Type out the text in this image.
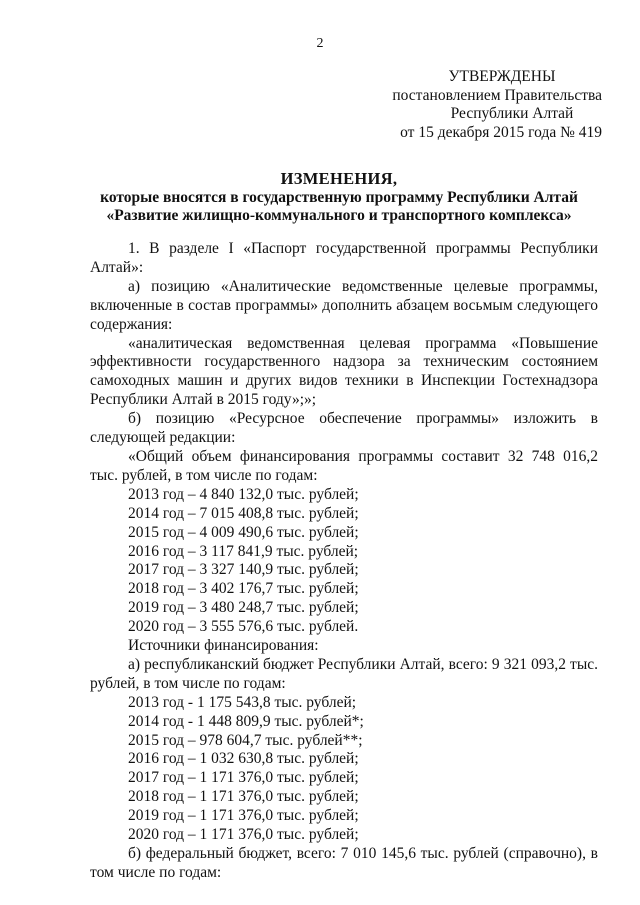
2
УТВЕРЖДЕНЫ
постановлением Правительства
Республики Алтай
от 15 декабря 2015 года № 419
ИЗМЕНЕНИЯ,
которые вносятся в государственную программу Республики Алтай
«Развитие жилищно-коммунального и транспортного комплекса»

1. В разделе I «Паспорт государственной программы Республики Алтай»:

а) позицию «Аналитические ведомственные целевые программы, включенные в состав программы» дополнить абзацем восьмым следующего содержания:

«аналитическая ведомственная целевая программа «Повышение эффективности государственного надзора за техническим состоянием самоходных машин и других видов техники в Инспекции Гостехнадзора Республики Алтай в 2015 году»;»;

б) позицию «Ресурсное обеспечение программы» изложить в следующей редакции:

«Общий объем финансирования программы составит 32 748 016,2 тыс. рублей, в том числе по годам:

2013 год – 4 840 132,0 тыс. рублей;

2014 год – 7 015 408,8 тыс. рублей;

2015 год – 4 009 490,6 тыс. рублей;

2016 год – 3 117 841,9 тыс. рублей;

2017 год – 3 327 140,9 тыс. рублей;

2018 год – 3 402 176,7 тыс. рублей;

2019 год – 3 480 248,7 тыс. рублей;

2020 год – 3 555 576,6 тыс. рублей.

Источники финансирования:

а) республиканский бюджет Республики Алтай, всего: 9 321 093,2 тыс. рублей, в том числе по годам:

2013 год - 1 175 543,8 тыс. рублей;

2014 год - 1 448 809,9 тыс. рублей*;

2015 год – 978 604,7 тыс. рублей**;

2016 год – 1 032 630,8 тыс. рублей;

2017 год – 1 171 376,0 тыс. рублей;

2018 год – 1 171 376,0 тыс. рублей;

2019 год – 1 171 376,0 тыс. рублей;

2020 год – 1 171 376,0 тыс. рублей;

б) федеральный бюджет, всего: 7 010 145,6 тыс. рублей (справочно), в том числе по годам:
